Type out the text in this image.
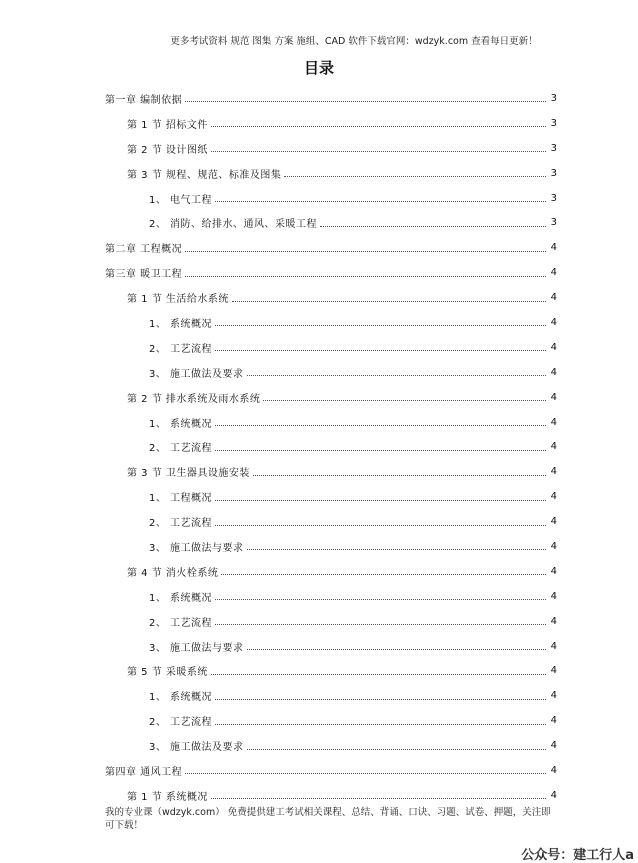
更多考试资料 规范 图集 方案 施组、CAD 软件下载官网：wdzyk.com 查看每日更新！
目录
第一章 编制依据	3
第 1 节 招标文件	3
第 2 节 设计图纸	3
第 3 节 规程、规范、标准及图集	3
1、 电气工程	3
2、 消防、给排水、通风、采暖工程	3
第二章 工程概况	4
第三章 暖卫工程	4
第 1 节 生活给水系统	4
1、 系统概况	4
2、 工艺流程	4
3、 施工做法及要求	4
第 2 节 排水系统及雨水系统	4
1、 系统概况	4
2、 工艺流程	4
第 3 节 卫生器具设施安装	4
1、 工程概况	4
2、 工艺流程	4
3、 施工做法与要求	4
第 4 节 消火栓系统	4
1、 系统概况	4
2、 工艺流程	4
3、 施工做法与要求	4
第 5 节 采暖系统	4
1、 系统概况	4
2、 工艺流程	4
3、 施工做法及要求	4
第四章 通风工程	4
第 1 节 系统概况	4
我的专业课（wdzyk.com） 免费提供建工考试相关课程、总结、背诵、口诀、习题、试卷、押题，关注即可下载！
公众号：建工行人a
